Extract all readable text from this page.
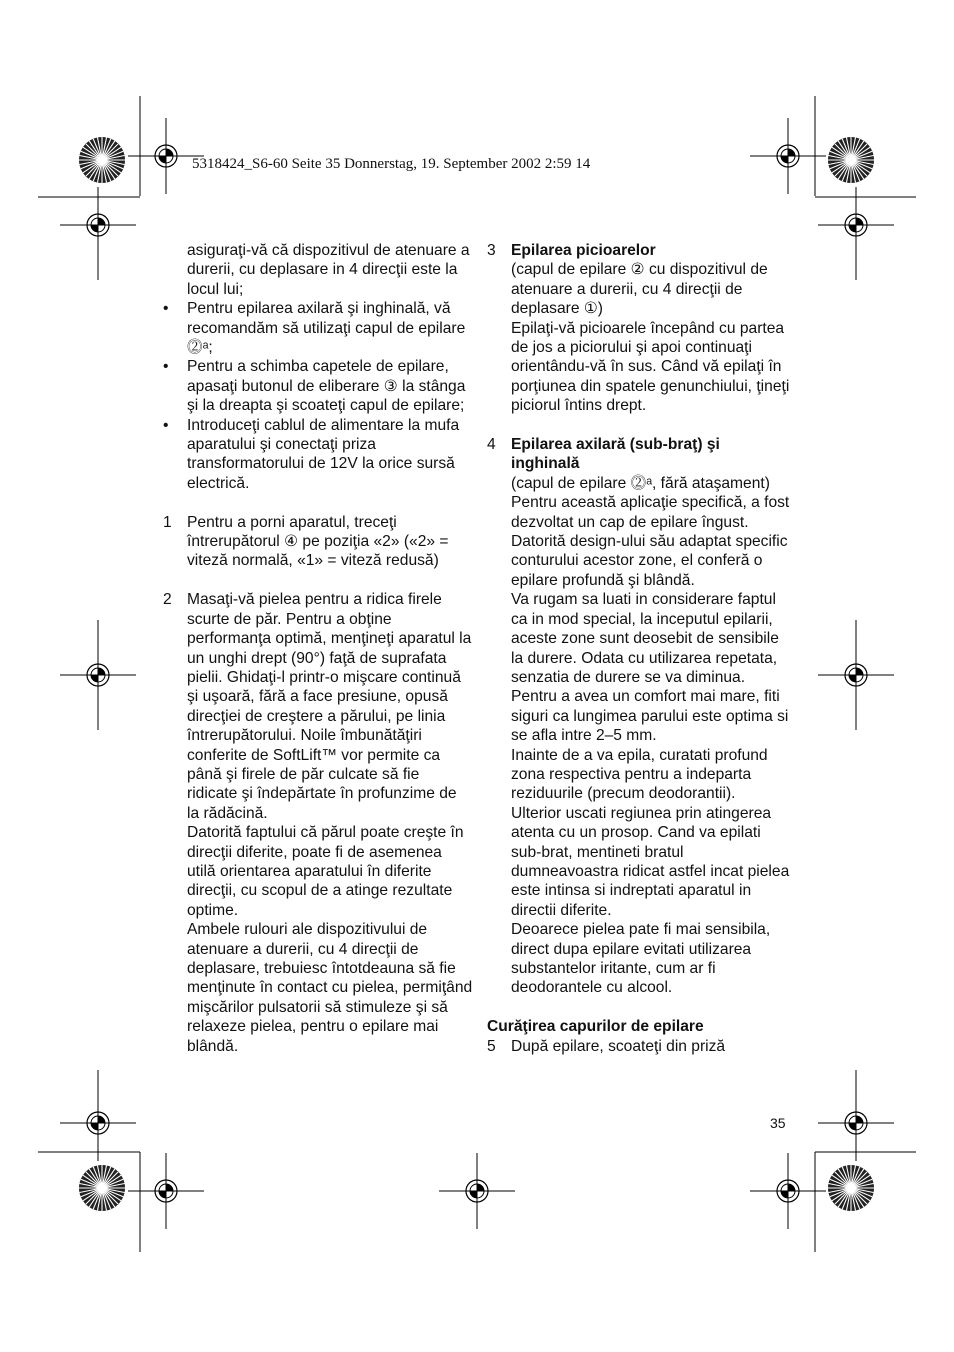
5318424_S6-60 Seite 35 Donnerstag, 19. September 2002 2:59 14

asiguraţi-vă că dispozitivul de atenuare a durerii, cu deplasare in 4 direcţii este la locul lui;

• Pentru epilarea axilară şi inghinală, vă recomandăm să utilizaţi capul de epilare ⓶ᵃ;

• Pentru a schimba capetele de epilare, apasaţi butonul de eliberare ③ la stânga şi la dreapta şi scoateţi capul de epilare;

• Introduceţi cablul de alimentare la mufa aparatului şi conectaţi priza transformatorului de 12V la orice sursă electrică.

1 Pentru a porni aparatul, treceţi întrerupătorul ④ pe poziţia «2» («2» = viteză normală, «1» = viteză redusă)

2 Masaţi-vă pielea pentru a ridica firele scurte de păr. Pentru a obţine performanţa optimă, menţineţi aparatul la un unghi drept (90°) faţă de suprafata pielii. Ghidaţi-l printr-o mişcare continuă şi uşoară, fără a face presiune, opusă direcţiei de creştere a părului, pe linia întrerupătorului. Noile îmbunătăţiri conferite de SoftLift™ vor permite ca până şi firele de păr culcate să fie ridicate şi îndepărtate în profunzime de la rădăcină.

Datorită faptului că părul poate creşte în direcţii diferite, poate fi de asemenea utilă orientarea aparatului în diferite direcţii, cu scopul de a atinge rezultate optime.

Ambele rulouri ale dispozitivului de atenuare a durerii, cu 4 direcţii de deplasare, trebuiesc întotdeauna să fie menţinute în contact cu pielea, permiţând mişcărilor pulsatorii să stimuleze şi să relaxeze pielea, pentru o epilare mai blândă.

3 Epilarea picioarelor

(capul de epilare ② cu dispozitivul de atenuare a durerii, cu 4 direcţii de deplasare ①)

Epilaţi-vă picioarele începând cu partea de jos a piciorului şi apoi continuaţi orientându-vă în sus. Când vă epilaţi în porţiunea din spatele genunchiului, ţineţi piciorul întins drept.

4 Epilarea axilară (sub-braţ) şi inghinală

(capul de epilare ⓶ᵃ, fără ataşament)

Pentru această aplicaţie specifică, a fost dezvoltat un cap de epilare îngust. Datorită design-ului său adaptat specific conturului acestor zone, el conferă o epilare profundă şi blândă.

Va rugam sa luati in considerare faptul ca in mod special, la inceputul epilarii, aceste zone sunt deosebit de sensibile la durere. Odata cu utilizarea repetata, senzatia de durere se va diminua.

Pentru a avea un comfort mai mare, fiti siguri ca lungimea parului este optima si se afla intre 2–5 mm.

Inainte de a va epila, curatati profund zona respectiva pentru a indeparta reziduurile (precum deodorantii).

Ulterior uscati regiunea prin atingerea atenta cu un prosop. Cand va epilati sub-brat, mentineti bratul dumneavoastra ridicat astfel incat pielea este intinsa si indreptati aparatul in directii diferite.

Deoarece pielea pate fi mai sensibila, direct dupa epilare evitati utilizarea substantelor iritante, cum ar fi deodorantele cu alcool.

Curăţirea capurilor de epilare

5 După epilare, scoateţi din priză

35
